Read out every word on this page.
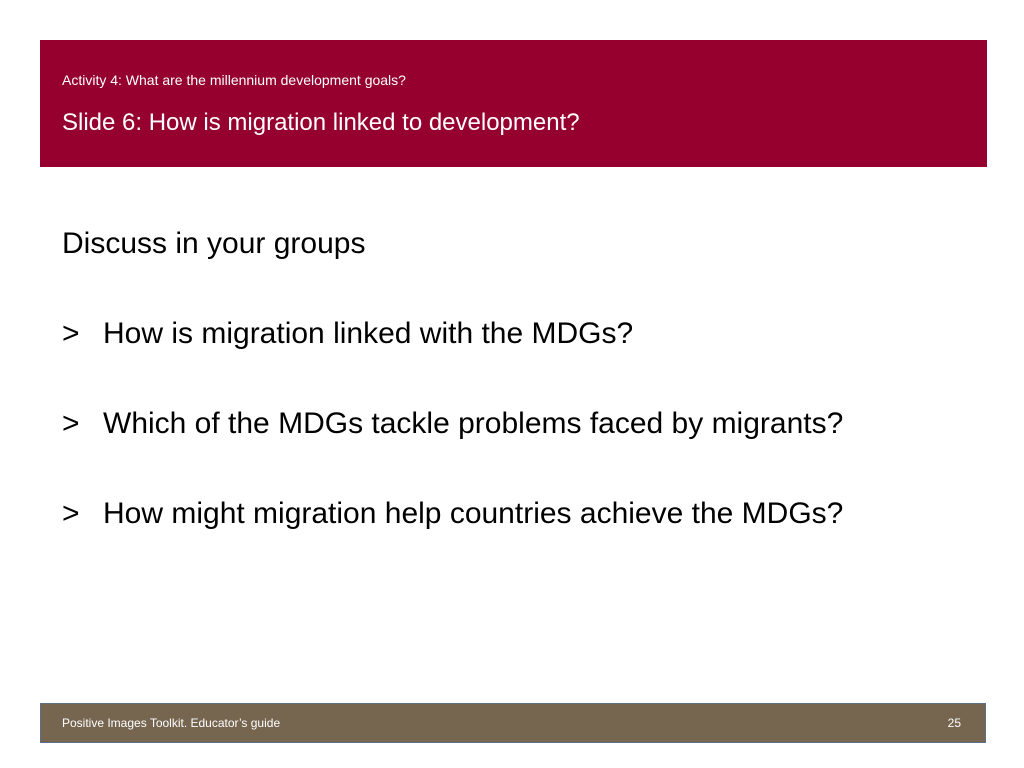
Activity 4: What are the millennium development goals?
Slide 6: How is migration linked to development?
Discuss in your groups
> How is migration linked with the MDGs?
> Which of the MDGs tackle problems faced by migrants?
> How might migration help countries achieve the MDGs?
Positive Images Toolkit. Educator’s guide	25
